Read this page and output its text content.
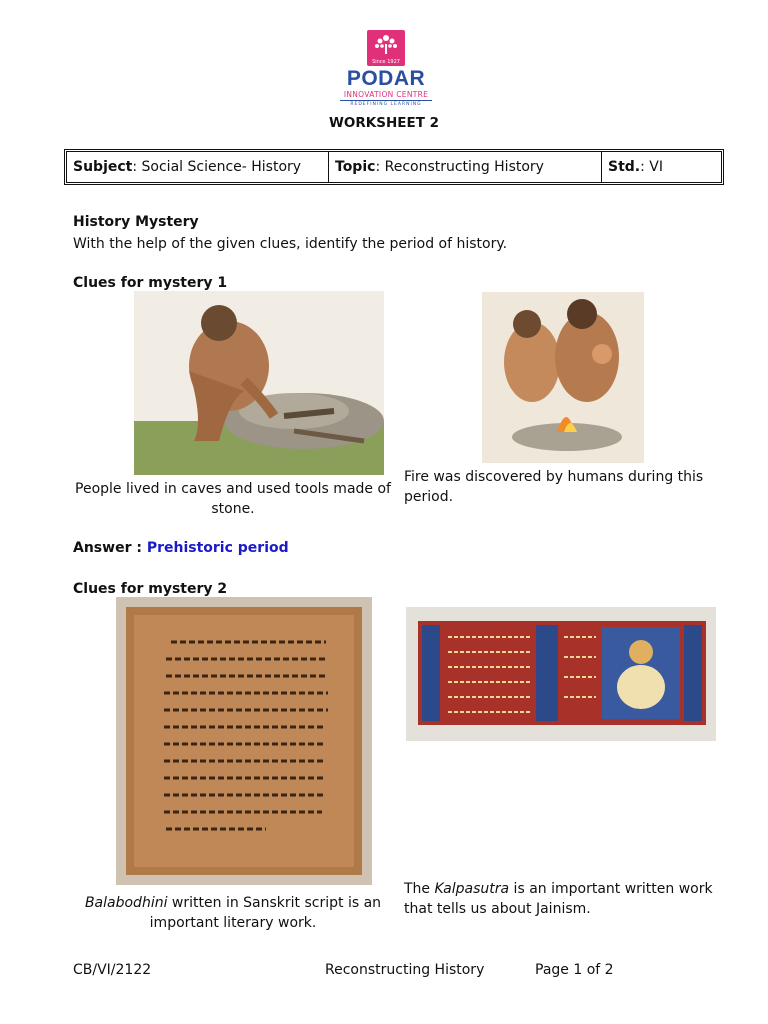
Since 1927
PODAR
INNOVATION CENTRE
REDEFINING LEARNING
WORKSHEET 2
Subject : Social Science- History Topic : Reconstructing History	Std. : VI
History Mystery
With the help of the given clues, identify the period of history.
Clues for mystery 1
People lived in caves and used tools made of stone.
Fire was discovered by humans during this period.
Answer : Prehistoric period
Clues for mystery 2
Balabodhini written in Sanskrit script is an important literary work.
The Kalpasutra is an important written work that tells us about Jainism.
CB/VI/2122	Reconstructing History	Page 1 of 2
